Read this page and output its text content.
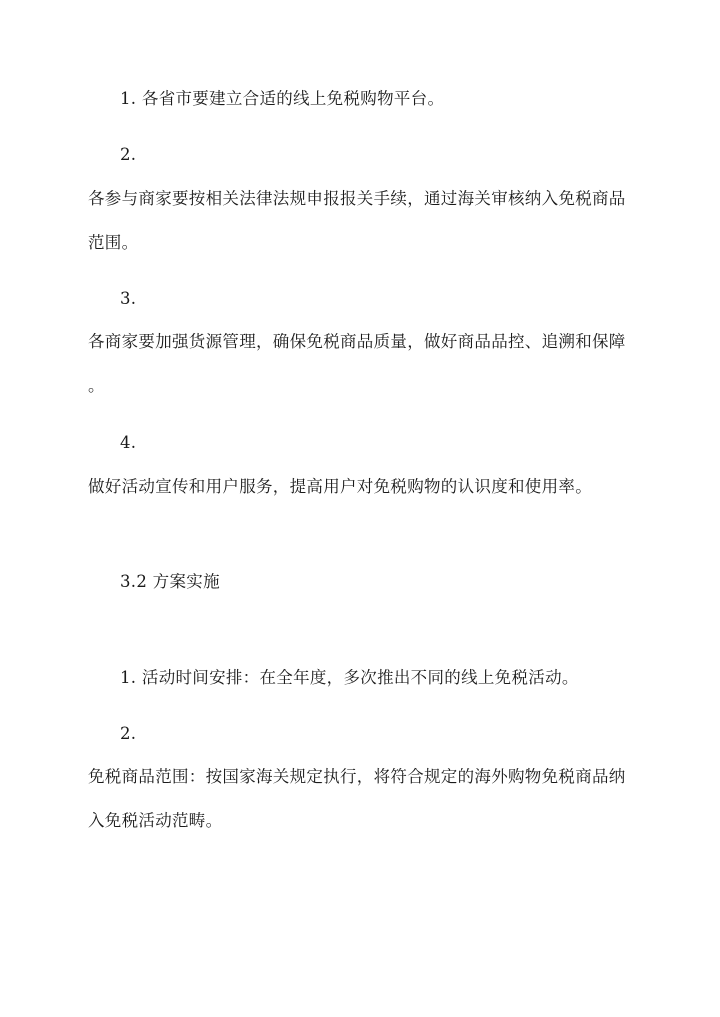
1. 各省市要建立合适的线上免税购物平台。
2.
各参与商家要按相关法律法规申报报关手续，通过海关审核纳入免税商品
范围。
3.
各商家要加强货源管理，确保免税商品质量，做好商品品控、追溯和保障
。
4.
做好活动宣传和用户服务，提高用户对免税购物的认识度和使用率。
3.2 方案实施
1. 活动时间安排：在全年度，多次推出不同的线上免税活动。
2.
免税商品范围：按国家海关规定执行，将符合规定的海外购物免税商品纳
入免税活动范畴。
